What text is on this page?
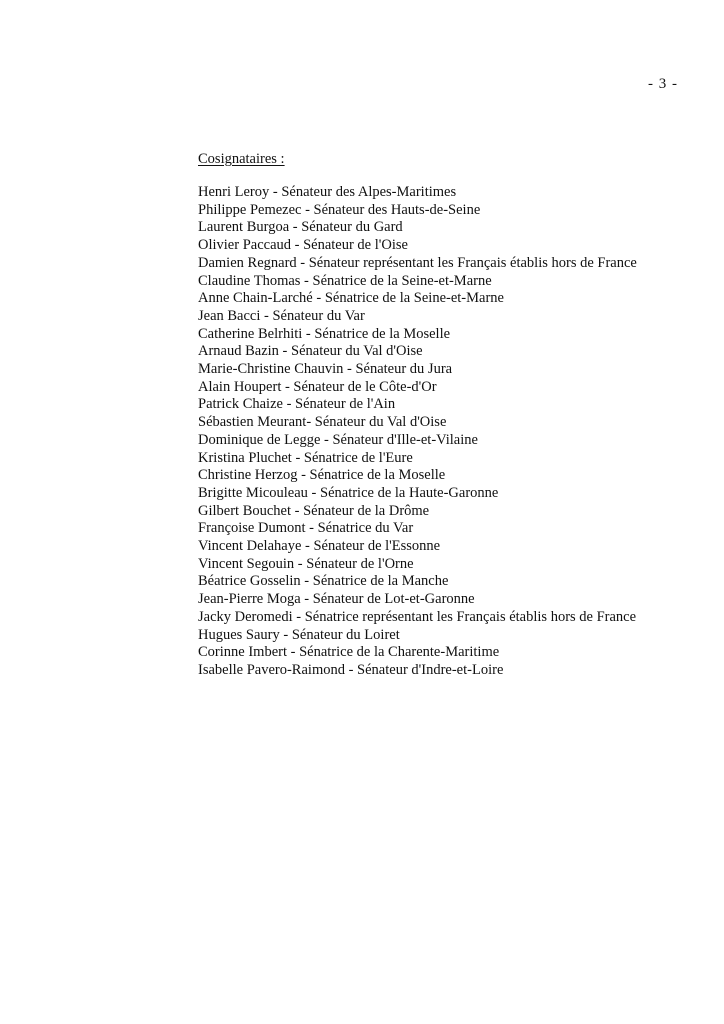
- 3 -
Cosignataires :
Henri Leroy - Sénateur des Alpes-Maritimes
Philippe Pemezec - Sénateur des Hauts-de-Seine
Laurent Burgoa - Sénateur du Gard
Olivier Paccaud - Sénateur de l'Oise
Damien Regnard - Sénateur représentant les Français établis hors de France
Claudine Thomas - Sénatrice de la Seine-et-Marne
Anne Chain-Larché - Sénatrice de la Seine-et-Marne
Jean Bacci - Sénateur du Var
Catherine Belrhiti - Sénatrice de la Moselle
Arnaud Bazin - Sénateur du Val d'Oise
Marie-Christine Chauvin - Sénateur du Jura
Alain Houpert - Sénateur de le Côte-d'Or
Patrick Chaize - Sénateur de l'Ain
Sébastien Meurant- Sénateur du Val d'Oise
Dominique de Legge - Sénateur d'Ille-et-Vilaine
Kristina Pluchet - Sénatrice de l'Eure
Christine Herzog - Sénatrice de la Moselle
Brigitte Micouleau - Sénatrice de la Haute-Garonne
Gilbert Bouchet - Sénateur de la Drôme
Françoise Dumont - Sénatrice du Var
Vincent Delahaye - Sénateur de l'Essonne
Vincent Segouin - Sénateur de l'Orne
Béatrice Gosselin - Sénatrice de la Manche
Jean-Pierre Moga - Sénateur de Lot-et-Garonne
Jacky Deromedi - Sénatrice représentant les Français établis hors de France
Hugues Saury - Sénateur du Loiret
Corinne Imbert - Sénatrice de la Charente-Maritime
Isabelle Pavero-Raimond - Sénateur d'Indre-et-Loire
